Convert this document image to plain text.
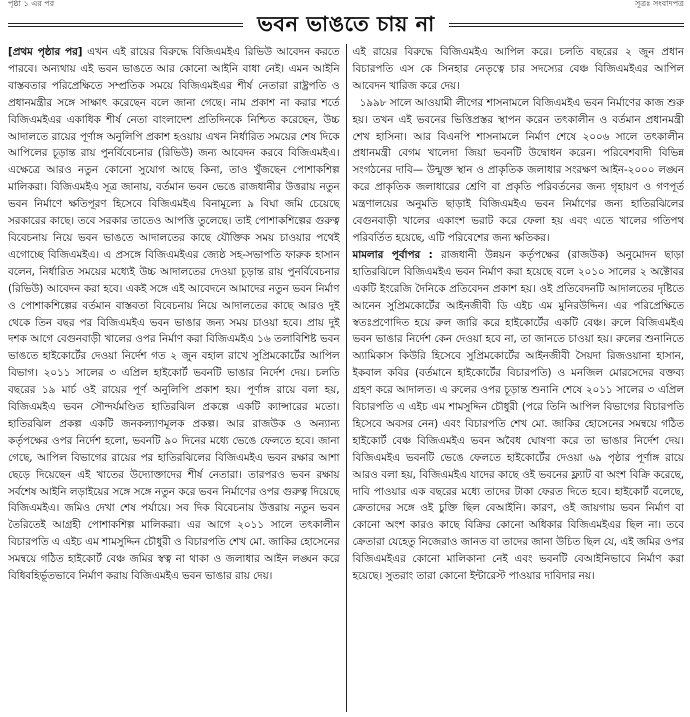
পৃষ্ঠা ১ এর পর	সূত্রঃ সংবাদপত্র
ভবন ভাঙতে চায় না

[প্রথম পৃষ্ঠার পর] এখন এই রায়ের বিরুদ্ধে বিজিএমইএ রিভিউ আবেদন করতে পারবে। অন্যথায় এই ভবন ভাঙতে আর কোনো আইনি বাধা নেই। এমন আইনি বাস্তবতার পরিপ্রেক্ষিতে সম্প্রতিক সময়ে বিজিএমইএর শীর্ষ নেতারা রাষ্ট্রপতি ও প্রধানমন্ত্রীর সঙ্গে সাক্ষাৎ করেছেন বলে জানা গেছে। নাম প্রকাশ না করার শর্তে বিজিএমইএর একাধিক শীর্ষ নেতা বাংলাদেশ প্রতিদিনকে নিশ্চিত করেছেন, উচ্চ আদালতে রায়ের পূর্ণাঙ্গ অনুলিপি প্রকাশ হওয়ায় এখন নির্ধারিত সময়ের শেষ দিকে আপিলের চূড়ান্ত রায় পুনর্বিবেচনার (রিভিউ) জন্য আবেদন করবে বিজিএমইএ। এক্ষেত্রে আরও নতুন কোনো সুযোগ আছে কিনা, তাও খুঁজছেন পোশাকশিল্প মালিকরা। বিজিএমইএ সূত্র জানায়, বর্তমান ভবন ভেঙে রাজধানীর উত্তরায় নতুন ভবন নির্মাণে ক্ষতিপূরণ হিসেবে বিজিএমইএ বিনামূল্যে ৯ বিঘা জমি চেয়েছে সরকারের কাছে। তবে সরকার তাতেও আপত্তি তুলেছে। তাই পোশাকশিল্পের গুরুত্ব বিবেচনায় নিয়ে ভবন ভাঙতে আদালতের কাছে যৌক্তিক সময় চাওয়ার পথেই এগোচ্ছে বিজিএমইএ। এ প্রসঙ্গে বিজিএমইএর জ্যেষ্ঠ সহ-সভাপতি ফারুক হাসান বলেন, নির্ধারিত সময়ের মধ্যেই উচ্চ আদালতের দেওয়া চূড়ান্ত রায় পুনর্বিবেচনার (রিভিউ) আবেদন করা হবে। একই সঙ্গে এই আবেদনে আমাদের নতুন ভবন নির্মাণ ও পোশাকশিল্পের বর্তমান বাস্তবতা বিবেচনায় নিয়ে আদালতের কাছে আরও দুই থেকে তিন বছর পর বিজিএমইএ ভবন ভাঙার জন্য সময় চাওয়া হবে। প্রায় দুই দশক আগে বেগুনবাড়ী খালের ওপর নির্মাণ করা বিজিএমইএ ১৬ তলাবিশিষ্ট ভবন ভাঙতে হাইকোর্টের দেওয়া নির্দেশ গত ২ জুন বহাল রাখে সুপ্রিমকোর্টের আপিল বিভাগ। ২০১১ সালের ৩ এপ্রিল হাইকোর্ট ভবনটি ভাঙার নির্দেশ দেয়। চলতি বছরের ১৯ মার্চ ওই রায়ের পূর্ণ অনুলিপি প্রকাশ হয়। পূর্ণাঙ্গ রায়ে বলা হয়, বিজিএমইএ ভবন সৌন্দর্যমণ্ডিত হাতিরঝিল প্রকল্পে একটি ক্যান্সারের মতো। হাতিরঝিল প্রকল্প একটি জনকল্যাণমূলক প্রকল্প। আর রাজউক ও অন্যান্য কর্তৃপক্ষের ওপর নির্দেশ হলো, ভবনটি ৯০ দিনের মধ্যে ভেঙে ফেলতে হবে। জানা গেছে, আপিল বিভাগের রায়ের পর হাতিরঝিলের বিজিএমইএ ভবন রক্ষার আশা ছেড়ে দিয়েছেন এই খাতের উদ্যোক্তাদের শীর্ষ নেতারা। তারপরও ভবন রক্ষায় সর্বশেষ আইনি লড়াইয়ের সঙ্গে সঙ্গে নতুন করে ভবন নির্মাণের ওপর গুরুত্ব দিয়েছে বিজিএমইএ। জমিও দেখা শেষ পর্যায়ে। সব দিক বিবেচনায় উত্তরায় নতুন ভবন তৈরিতেই আগ্রহী পোশাকশিল্প মালিকরা। এর আগে ২০১১ সালে তৎকালীন বিচারপতি এ এইচ এম শামসুদ্দিন চৌধুরী ও বিচারপতি শেখ মো. জাকির হোসেনের সমন্বয়ে গঠিত হাইকোর্ট বেঞ্চ জমির স্বত্ব না থাকা ও জলাধার আইন লঙ্ঘন করে বিধিবহির্ভূতভাবে নির্মাণ করায় বিজিএমইএ ভবন ভাঙার রায় দেয়।

এই রায়ের বিরুদ্ধে বিজিএমইএ আপিল করে। চলতি বছরের ২ জুন প্রধান বিচারপতি এস কে সিনহার নেতৃত্বে চার সদস্যের বেঞ্চ বিজিএমইএর আপিল আবেদন খারিজ করে দেয়।

১৯৯৮ সালে আওয়ামী লীগের শাসনামলে বিজিএমইএ ভবন নির্মাণের কাজ শুরু হয়। তখন এই ভবনের ভিত্তিপ্রস্তর স্থাপন করেন তৎকালীন ও বর্তমান প্রধানমন্ত্রী শেখ হাসিনা। আর বিএনপি শাসনামলে নির্মাণ শেষে ২০০৬ সালে তৎকালীন প্রধানমন্ত্রী বেগম খালেদা জিয়া ভবনটি উদ্বোধন করেন। পরিবেশবাদী বিভিন্ন সংগঠনের দাবি— উন্মুক্ত স্থান ও প্রাকৃতিক জলাধার সংরক্ষণ আইন-২০০০ লঙ্ঘন করে প্রাকৃতিক জলাধারের শ্রেণি বা প্রকৃতি পরিবর্তনের জন্য গৃহায়ণ ও গণপূর্ত মন্ত্রণালয়ের অনুমতি ছাড়াই বিজিএমইএ ভবন নির্মাণের জন্য হাতিরঝিলের বেগুনবাড়ী খালের একাংশ ভরাট করে ফেলা হয় এবং এতে খালের গতিপথ পরিবর্তিত হয়েছে, এটি পরিবেশের জন্য ক্ষতিকর।

মামলার পূর্বাপর : রাজধানী উন্নয়ন কর্তৃপক্ষের (রাজউক) অনুমোদন ছাড়া হাতিরঝিলে বিজিএমইএ ভবন নির্মাণ করা হয়েছে বলে ২০১০ সালের ২ অক্টোবর একটি ইংরেজি দৈনিকে প্রতিবেদন প্রকাশ হয়। ওই প্রতিবেদনটি আদালতের দৃষ্টিতে আনেন সুপ্রিমকোর্টের আইনজীবী ডি এইচ এম মুনিরউদ্দিন। এর পরিপ্রেক্ষিতে স্বতঃপ্রণোদিত হয়ে রুল জারি করে হাইকোর্টের একটি বেঞ্চ। রুলে বিজিএমইএ ভবন ভাঙার নির্দেশ কেন দেওয়া হবে না, তা জানতে চাওয়া হয়। রুলের শুনানিতে অ্যামিকাস কিউরি হিসেবে সুপ্রিমকোর্টের আইনজীবী সৈয়দা রিজওয়ানা হাসান, ইকবাল কবির (বর্তমানে হাইকোর্টের বিচারপতি) ও মনজিল মোরসেদের বক্তব্য গ্রহণ করে আদালত। এ রুলের ওপর চূড়ান্ত শুনানি শেষে ২০১১ সালের ৩ এপ্রিল বিচারপতি এ এইচ এম শামসুদ্দিন চৌধুরী (পরে তিনি আপিল বিভাগের বিচারপতি হিসেবে অবসর নেন) এবং বিচারপতি শেখ মো. জাকির হোসেনের সমন্বয়ে গঠিত হাইকোর্ট বেঞ্চ বিজিএমইএ ভবন অবৈধ ঘোষণা করে তা ভাঙার নির্দেশ দেয়। বিজিএমইএ ভবনটি ভেঙে ফেলতে হাইকোর্টের দেওয়া ৬৯ পৃষ্ঠার পূর্ণাঙ্গ রায়ে আরও বলা হয়, বিজিএমইএ যাদের কাছে ওই ভবনের ফ্ল্যাট বা অংশ বিক্রি করেছে, দাবি পাওয়ার এক বছরের মধ্যে তাদের টাকা ফেরত দিতে হবে। হাইকোর্ট বলেছে, ক্রেতাদের সঙ্গে ওই চুক্তি ছিল বেআইনি। কারণ, ওই জায়গায় ভবন নির্মাণ বা কোনো অংশ কারও কাছে বিক্রির কোনো অধিকার বিজিএমইএর ছিল না। তবে ক্রেতারা যেহেতু নিজেরাও জানত বা তাদের জানা উচিত ছিল যে, এই জমির ওপর বিজিএমইএর কোনো মালিকানা নেই এবং ভবনটি বেআইনিভাবে নির্মাণ করা হয়েছে। সুতরাং তারা কোনো ইন্টারেস্ট পাওয়ার দাবিদার নয়।
